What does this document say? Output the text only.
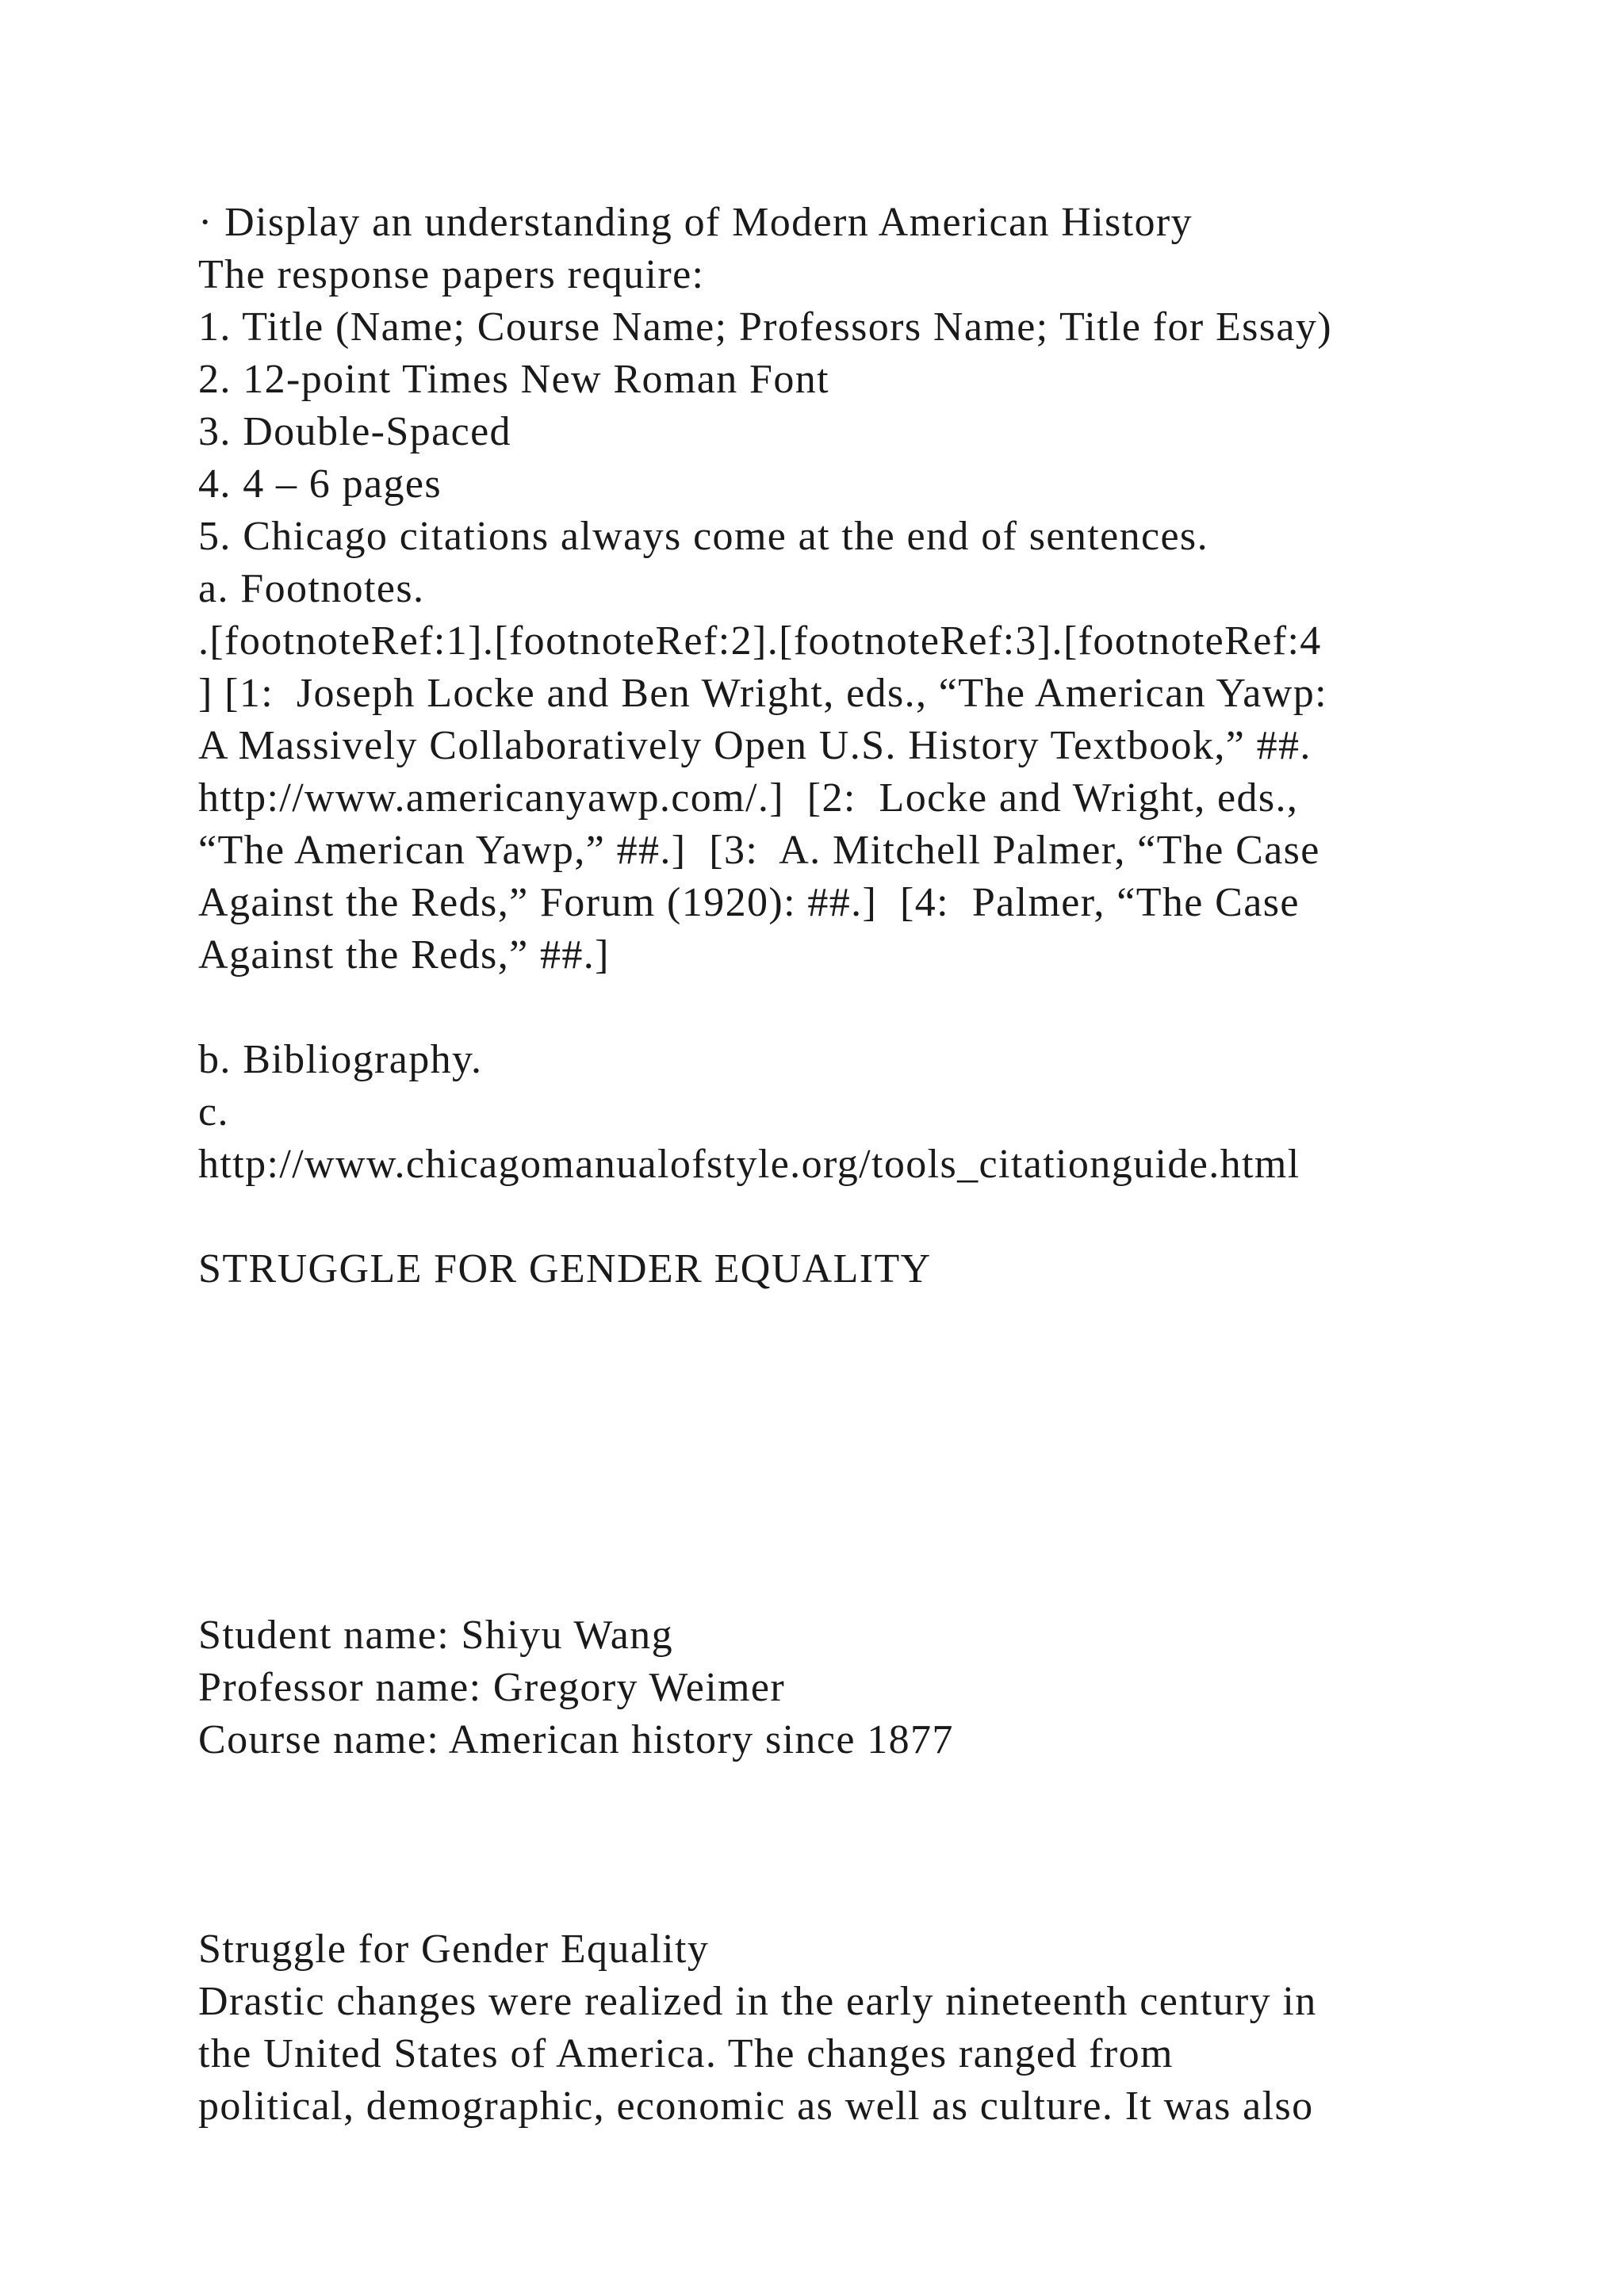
· Display an understanding of Modern American History
The response papers require:
1. Title (Name; Course Name; Professors Name; Title for Essay)
2. 12-point Times New Roman Font
3. Double-Spaced
4. 4 – 6 pages
5. Chicago citations always come at the end of sentences.
a. Footnotes.
.[footnoteRef:1].[footnoteRef:2].[footnoteRef:3].[footnoteRef:4
] [1:  Joseph Locke and Ben Wright, eds., “The American Yawp:
A Massively Collaboratively Open U.S. History Textbook,” ##.
http://www.americanyawp.com/.]  [2:  Locke and Wright, eds.,
“The American Yawp,” ##.]  [3:  A. Mitchell Palmer, “The Case
Against the Reds,” Forum (1920): ##.]  [4:  Palmer, “The Case
Against the Reds,” ##.]
b. Bibliography.
c.
http://www.chicagomanualofstyle.org/tools_citationguide.html
STRUGGLE FOR GENDER EQUALITY
Student name: Shiyu Wang
Professor name: Gregory Weimer
Course name: American history since 1877
Struggle for Gender Equality
Drastic changes were realized in the early nineteenth century in
the United States of America. The changes ranged from
political, demographic, economic as well as culture. It was also
